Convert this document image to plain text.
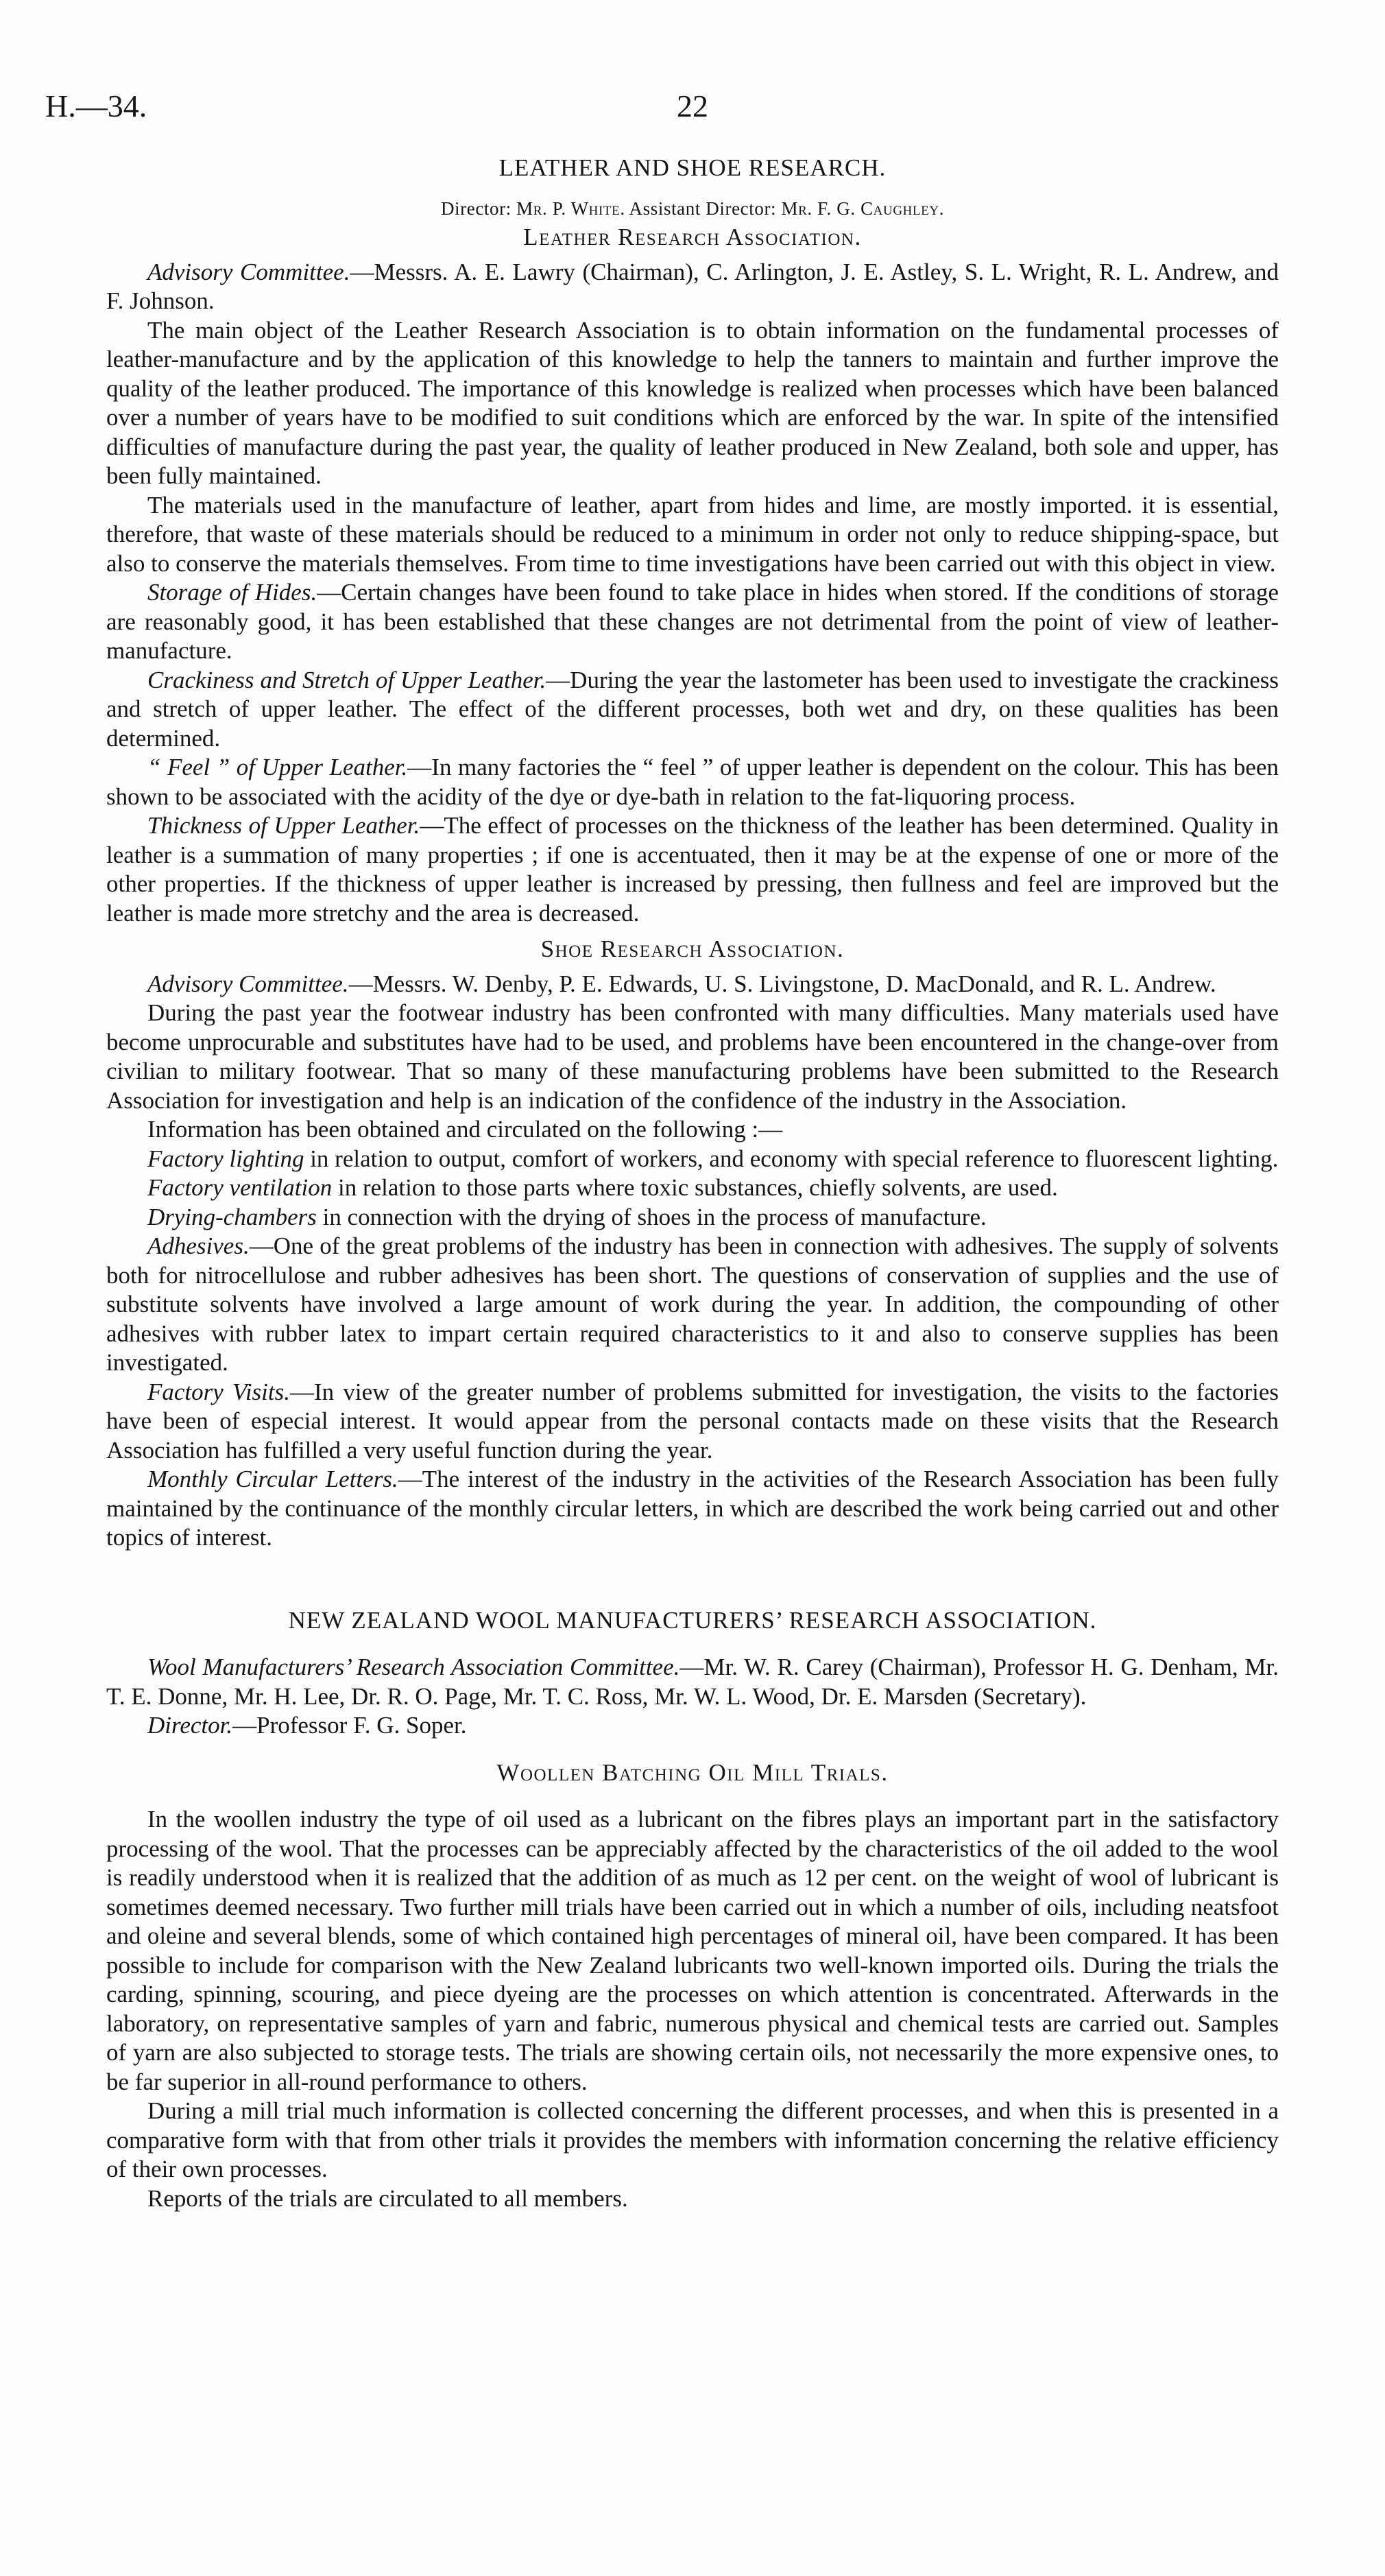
H.—34.	22
LEATHER AND SHOE RESEARCH.

Director: Mr. P. White. Assistant Director: Mr. F. G. Caughley.

Leather Research Association.

Advisory Committee.—Messrs. A. E. Lawry (Chairman), C. Arlington, J. E. Astley, S. L. Wright, R. L. Andrew, and F. Johnson.

The main object of the Leather Research Association is to obtain information on the fundamental processes of leather-manufacture and by the application of this knowledge to help the tanners to maintain and further improve the quality of the leather produced. The importance of this knowledge is realized when processes which have been balanced over a number of years have to be modified to suit conditions which are enforced by the war. In spite of the intensified difficulties of manufacture during the past year, the quality of leather produced in New Zealand, both sole and upper, has been fully maintained.

The materials used in the manufacture of leather, apart from hides and lime, are mostly imported. it is essential, therefore, that waste of these materials should be reduced to a minimum in order not only to reduce shipping-space, but also to conserve the materials themselves. From time to time investigations have been carried out with this object in view.

Storage of Hides.—Certain changes have been found to take place in hides when stored. If the conditions of storage are reasonably good, it has been established that these changes are not detrimental from the point of view of leather-manufacture.

Crackiness and Stretch of Upper Leather.—During the year the lastometer has been used to investigate the crackiness and stretch of upper leather. The effect of the different processes, both wet and dry, on these qualities has been determined.

“ Feel ” of Upper Leather.—In many factories the “ feel ” of upper leather is dependent on the colour. This has been shown to be associated with the acidity of the dye or dye-bath in relation to the fat-liquoring process.

Thickness of Upper Leather.—The effect of processes on the thickness of the leather has been determined. Quality in leather is a summation of many properties ; if one is accentuated, then it may be at the expense of one or more of the other properties. If the thickness of upper leather is increased by pressing, then fullness and feel are improved but the leather is made more stretchy and the area is decreased.

Shoe Research Association.

Advisory Committee.—Messrs. W. Denby, P. E. Edwards, U. S. Livingstone, D. MacDonald, and R. L. Andrew.

During the past year the footwear industry has been confronted with many difficulties. Many materials used have become unprocurable and substitutes have had to be used, and problems have been encountered in the change-over from civilian to military footwear. That so many of these manufacturing problems have been submitted to the Research Association for investigation and help is an indication of the confidence of the industry in the Association.

Information has been obtained and circulated on the following :—

Factory lighting in relation to output, comfort of workers, and economy with special reference to fluorescent lighting.

Factory ventilation in relation to those parts where toxic substances, chiefly solvents, are used.

Drying-chambers in connection with the drying of shoes in the process of manufacture.

Adhesives.—One of the great problems of the industry has been in connection with adhesives. The supply of solvents both for nitrocellulose and rubber adhesives has been short. The questions of conservation of supplies and the use of substitute solvents have involved a large amount of work during the year. In addition, the compounding of other adhesives with rubber latex to impart certain required characteristics to it and also to conserve supplies has been investigated.

Factory Visits.—In view of the greater number of problems submitted for investigation, the visits to the factories have been of especial interest. It would appear from the personal contacts made on these visits that the Research Association has fulfilled a very useful function during the year.

Monthly Circular Letters.—The interest of the industry in the activities of the Research Association has been fully maintained by the continuance of the monthly circular letters, in which are described the work being carried out and other topics of interest.

NEW ZEALAND WOOL MANUFACTURERS’ RESEARCH ASSOCIATION.

Wool Manufacturers’ Research Association Committee.—Mr. W. R. Carey (Chairman), Professor H. G. Denham, Mr. T. E. Donne, Mr. H. Lee, Dr. R. O. Page, Mr. T. C. Ross, Mr. W. L. Wood, Dr. E. Marsden (Secretary).

Director.—Professor F. G. Soper.

Woollen Batching Oil Mill Trials.

In the woollen industry the type of oil used as a lubricant on the fibres plays an important part in the satisfactory processing of the wool. That the processes can be appreciably affected by the characteristics of the oil added to the wool is readily understood when it is realized that the addition of as much as 12 per cent. on the weight of wool of lubricant is sometimes deemed necessary. Two further mill trials have been carried out in which a number of oils, including neatsfoot and oleine and several blends, some of which contained high percentages of mineral oil, have been compared. It has been possible to include for comparison with the New Zealand lubricants two well-known imported oils. During the trials the carding, spinning, scouring, and piece dyeing are the processes on which attention is concentrated. Afterwards in the laboratory, on representative samples of yarn and fabric, numerous physical and chemical tests are carried out. Samples of yarn are also subjected to storage tests. The trials are showing certain oils, not necessarily the more expensive ones, to be far superior in all-round performance to others.

During a mill trial much information is collected concerning the different processes, and when this is presented in a comparative form with that from other trials it provides the members with information concerning the relative efficiency of their own processes.

Reports of the trials are circulated to all members.
